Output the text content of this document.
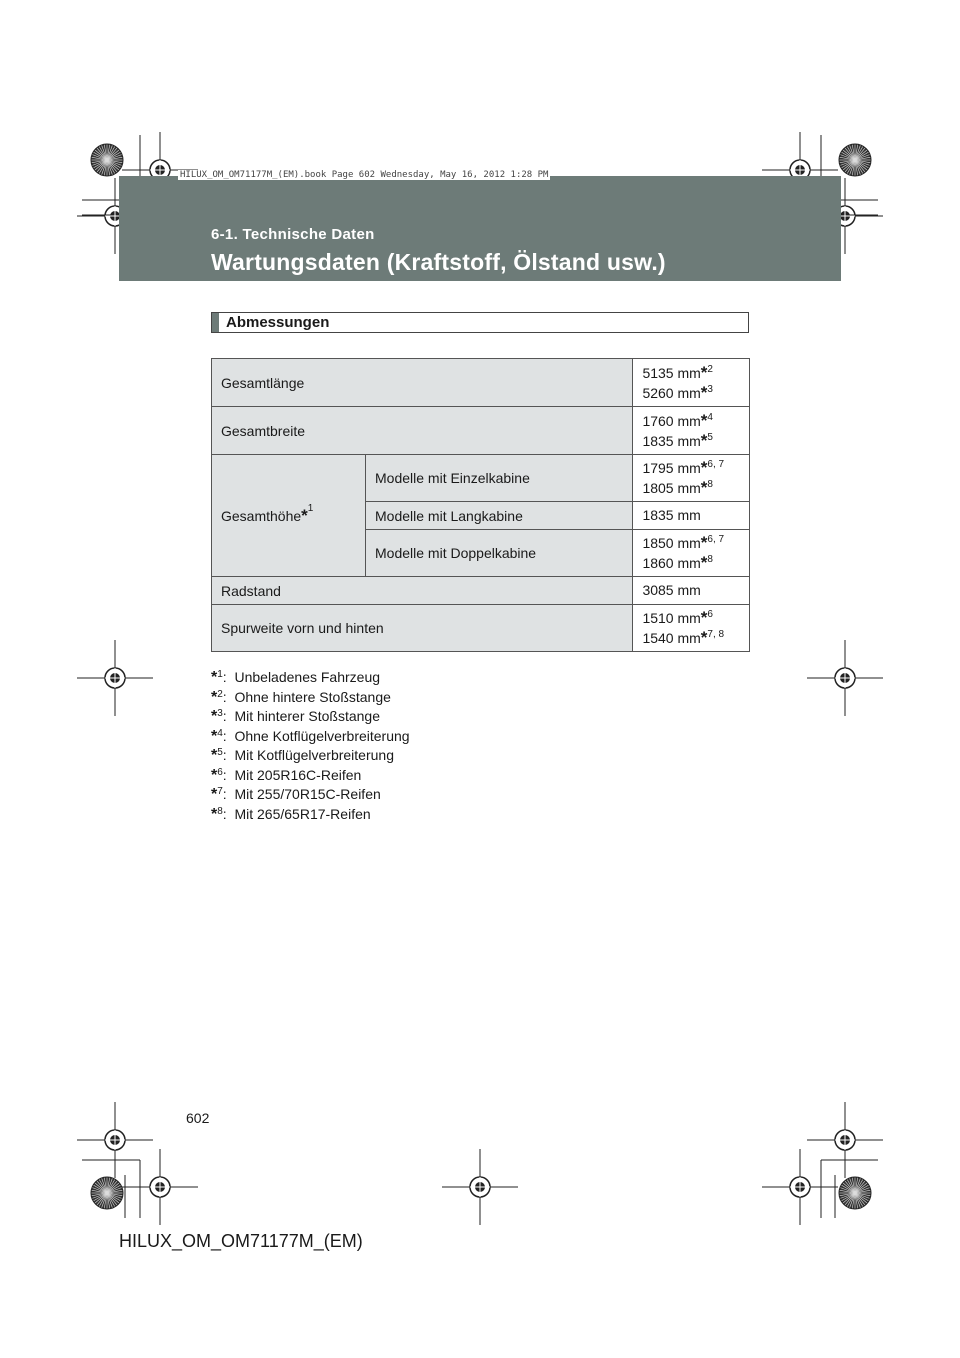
HILUX_OM_OM71177M_(EM).book Page 602 Wednesday, May 16, 2012 1:28 PM
6-1. Technische Daten
Wartungsdaten (Kraftstoff, Ölstand usw.)
Abmessungen
Gesamtlänge		5135 mm*$^2$
5260 mm*$^3$
Gesamtbreite		1760 mm*$^4$
1835 mm*$^5$
Gesamthöhe*$^1$	Modelle mit Einzelkabine	1795 mm*$^{6, 7}$
1805 mm*$^8$
	Modelle mit Langkabine	1835 mm
	Modelle mit Doppelkabine	1850 mm*$^{6, 7}$
1860 mm*$^8$
Radstand		3085 mm
Spurweite vorn und hinten		1510 mm*$^6$
1540 mm*$^{7, 8}$
*$^1$:  Unbeladenes Fahrzeug
*$^2$:  Ohne hintere Stoßstange
*$^3$:  Mit hinterer Stoßstange
*$^4$:  Ohne Kotflügelverbreiterung
*$^5$:  Mit Kotflügelverbreiterung
*$^6$:  Mit 205R16C-Reifen
*$^7$:  Mit 255/70R15C-Reifen
*$^8$:  Mit 265/65R17-Reifen
602
HILUX_OM_OM71177M_(EM)
